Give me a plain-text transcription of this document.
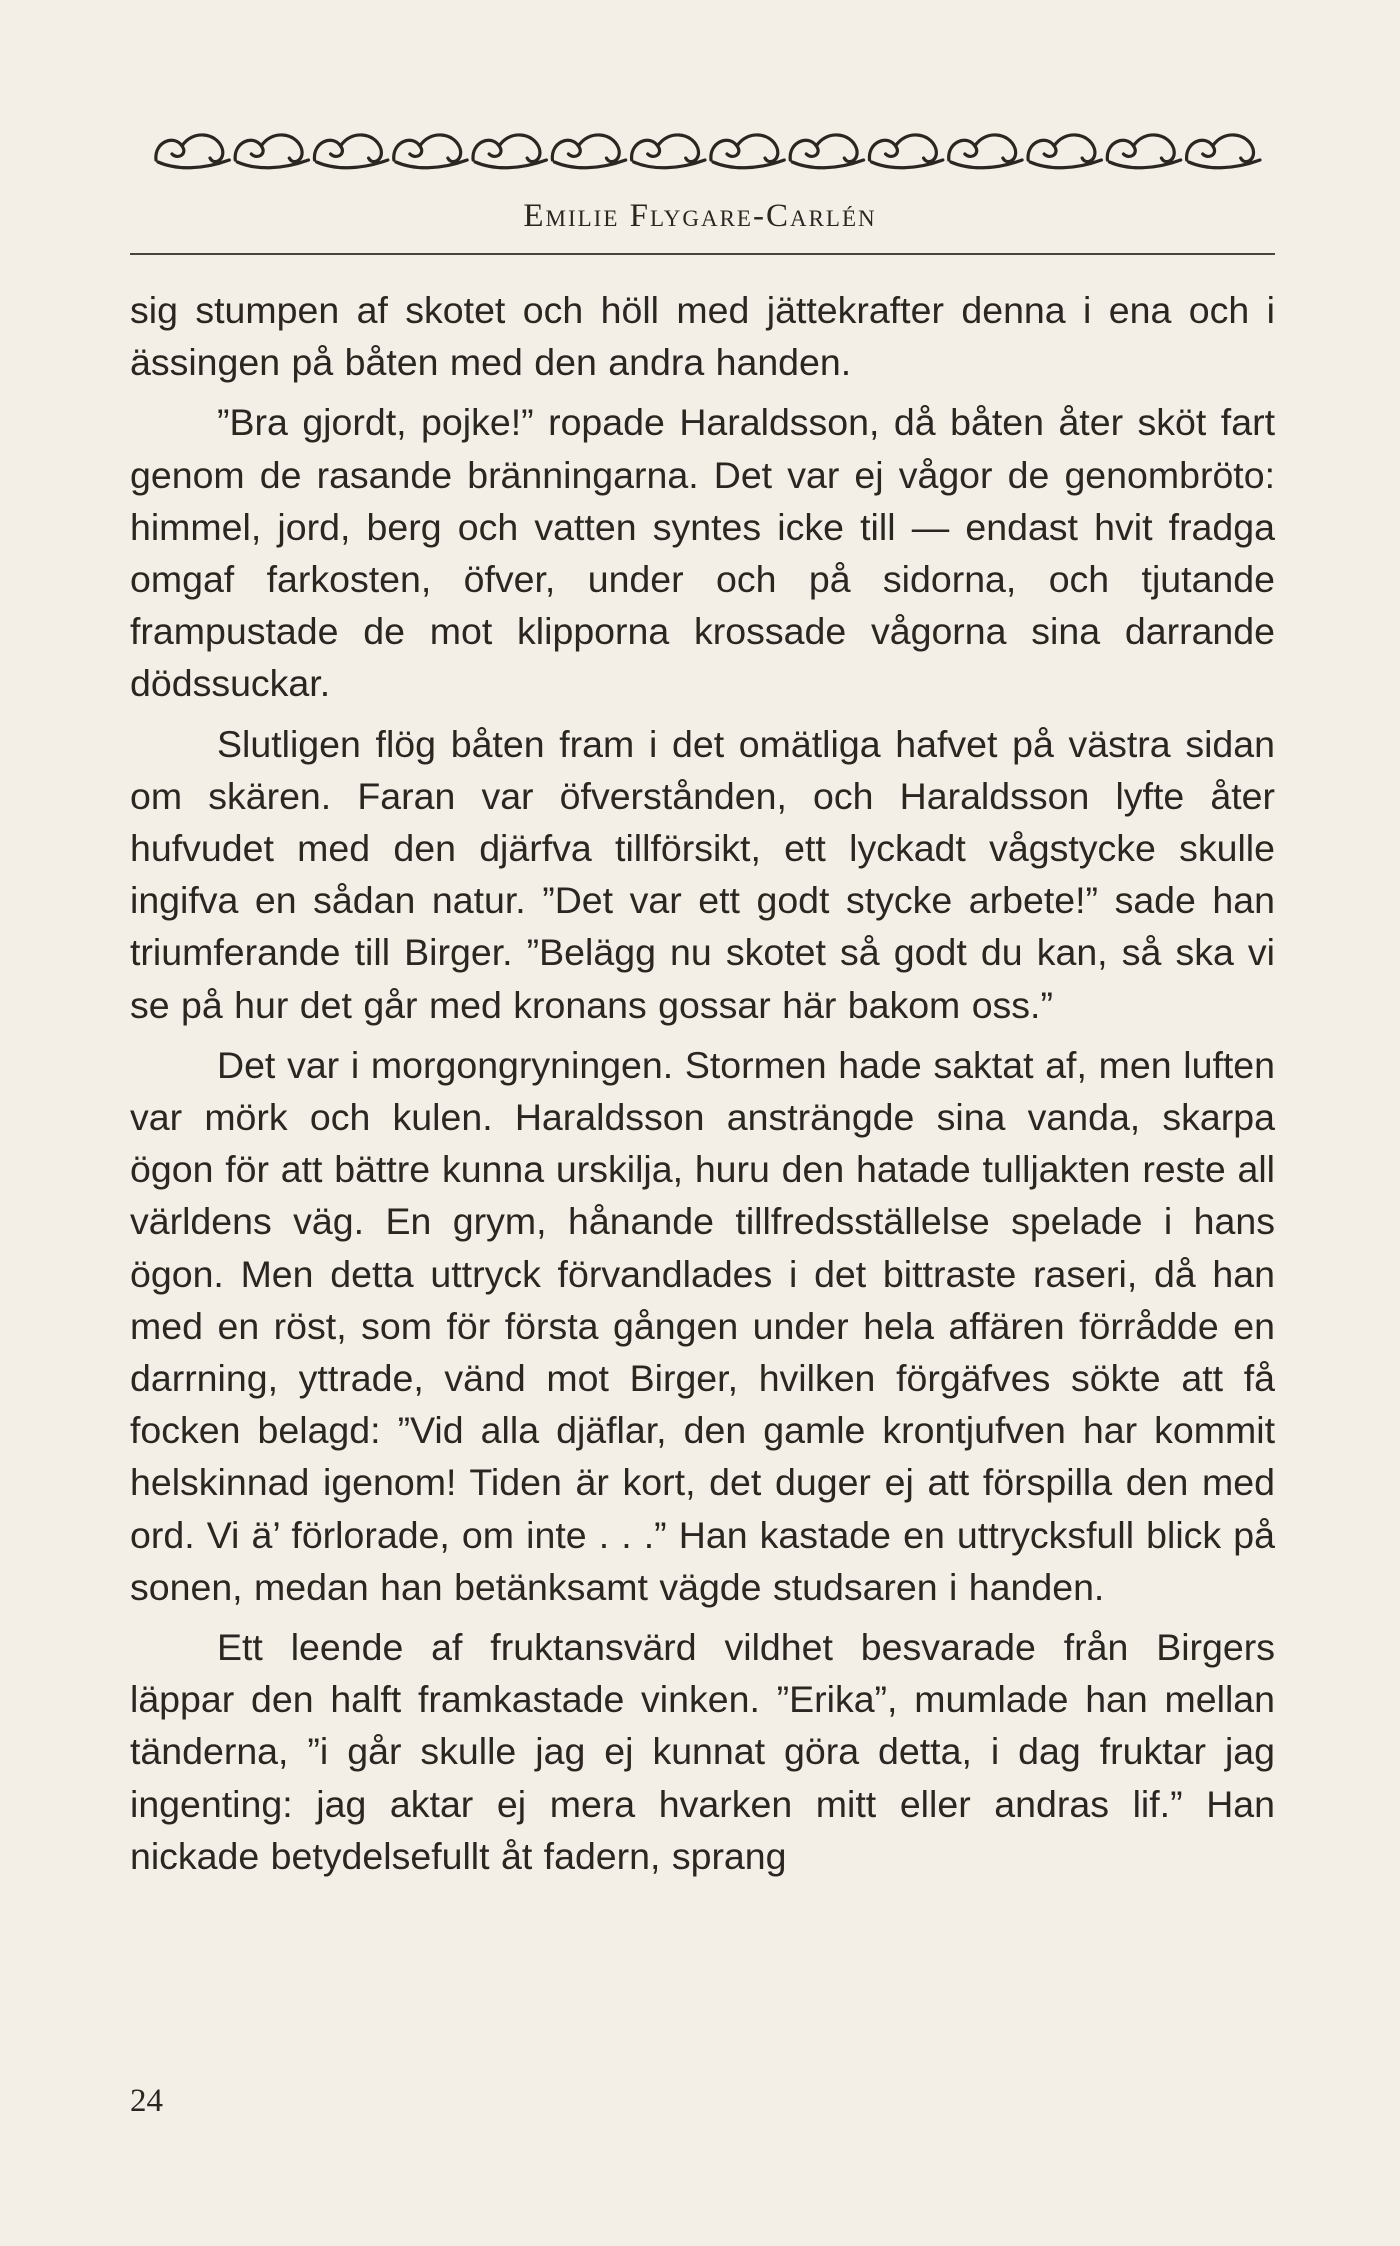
Emilie Flygare-Carlén

sig stumpen af skotet och höll med jättekrafter denna i ena och i ässingen på båten med den andra handen.

”Bra gjordt, pojke!” ropade Haraldsson, då båten åter sköt fart genom de rasande bränningarna. Det var ej vågor de genombröto: himmel, jord, berg och vatten syntes icke till — endast hvit fradga omgaf farkosten, öfver, under och på sidorna, och tjutande frampustade de mot klipporna krossade vågorna sina darrande dödssuckar.

Slutligen flög båten fram i det omätliga hafvet på västra sidan om skären. Faran var öfverstånden, och Haraldsson lyfte åter hufvudet med den djärfva tillförsikt, ett lyckadt vågstycke skulle ingifva en sådan natur. ”Det var ett godt stycke arbete!” sade han triumferande till Birger. ”Belägg nu skotet så godt du kan, så ska vi se på hur det går med kronans gossar här bakom oss.”

Det var i morgongryningen. Stormen hade saktat af, men luften var mörk och kulen. Haraldsson ansträngde sina vanda, skarpa ögon för att bättre kunna urskilja, huru den hatade tulljakten reste all världens väg. En grym, hånande tillfredsställelse spelade i hans ögon. Men detta uttryck förvandlades i det bittraste raseri, då han med en röst, som för första gången under hela affären förrådde en darrning, yttrade, vänd mot Birger, hvilken förgäfves sökte att få focken belagd: ”Vid alla djäflar, den gamle krontjufven har kommit helskinnad igenom! Tiden är kort, det duger ej att förspilla den med ord. Vi ä’ förlorade, om inte . . .” Han kastade en uttrycksfull blick på sonen, medan han betänksamt vägde studsaren i handen.

Ett leende af fruktansvärd vildhet besvarade från Birgers läppar den halft framkastade vinken. ”Erika”, mumlade han mellan tänderna, ”i går skulle jag ej kunnat göra detta, i dag fruktar jag ingenting: jag aktar ej mera hvarken mitt eller andras lif.” Han nickade betydelsefullt åt fadern, sprang

24
